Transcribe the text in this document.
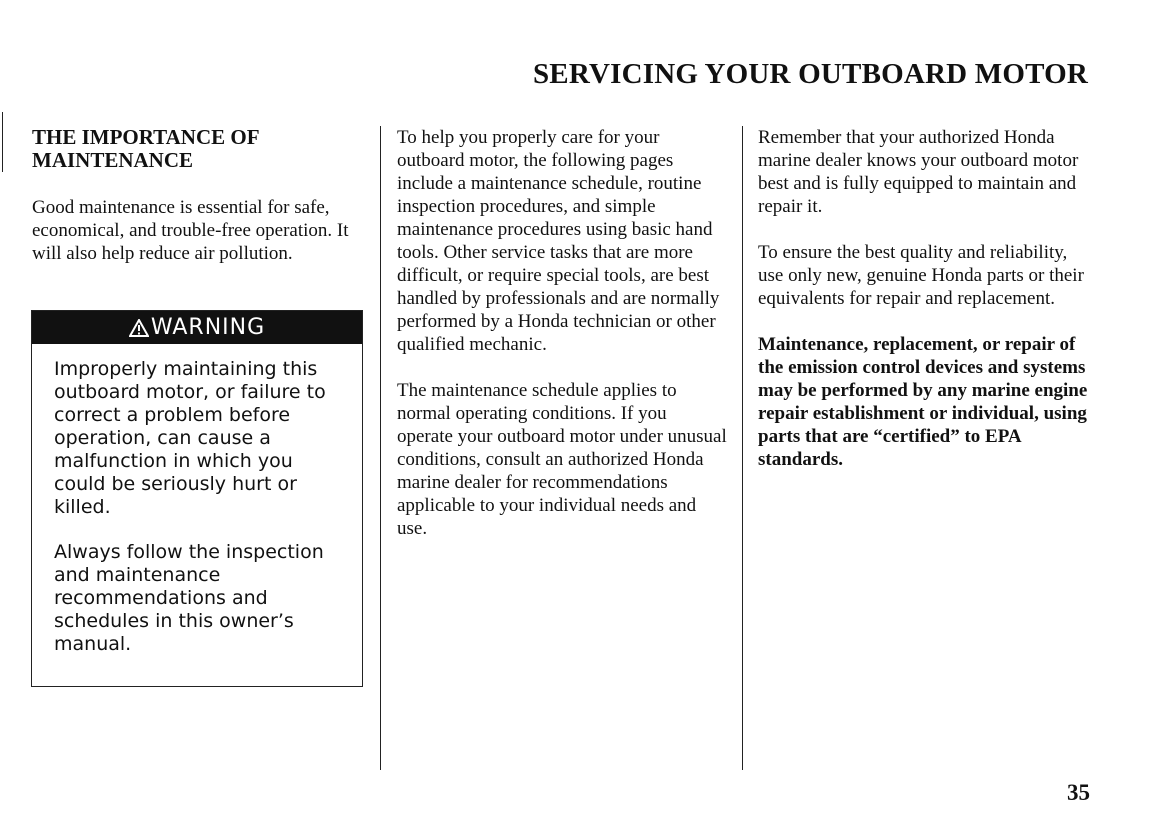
SERVICING YOUR OUTBOARD MOTOR
THE IMPORTANCE OF
MAINTENANCE

Good maintenance is essential for safe, economical, and trouble-free operation. It will also help reduce air pollution.

WARNING

Improperly maintaining this outboard motor, or failure to correct a problem before operation, can cause a malfunction in which you could be seriously hurt or killed.

Always follow the inspection and maintenance recommendations and schedules in this owner’s manual.

To help you properly care for your outboard motor, the following pages include a maintenance schedule, routine inspection procedures, and simple maintenance procedures using basic hand tools. Other service tasks that are more difficult, or require special tools, are best handled by professionals and are normally performed by a Honda technician or other qualified mechanic.

The maintenance schedule applies to normal operating conditions. If you operate your outboard motor under unusual conditions, consult an authorized Honda marine dealer for recommendations applicable to your individual needs and use.

Remember that your authorized Honda marine dealer knows your outboard motor best and is fully equipped to maintain and repair it.

To ensure the best quality and reliability, use only new, genuine Honda parts or their equivalents for repair and replacement.

Maintenance, replacement, or repair of the emission control devices and systems may be performed by any marine engine repair establishment or individual, using parts that are “certified” to EPA standards.

35
